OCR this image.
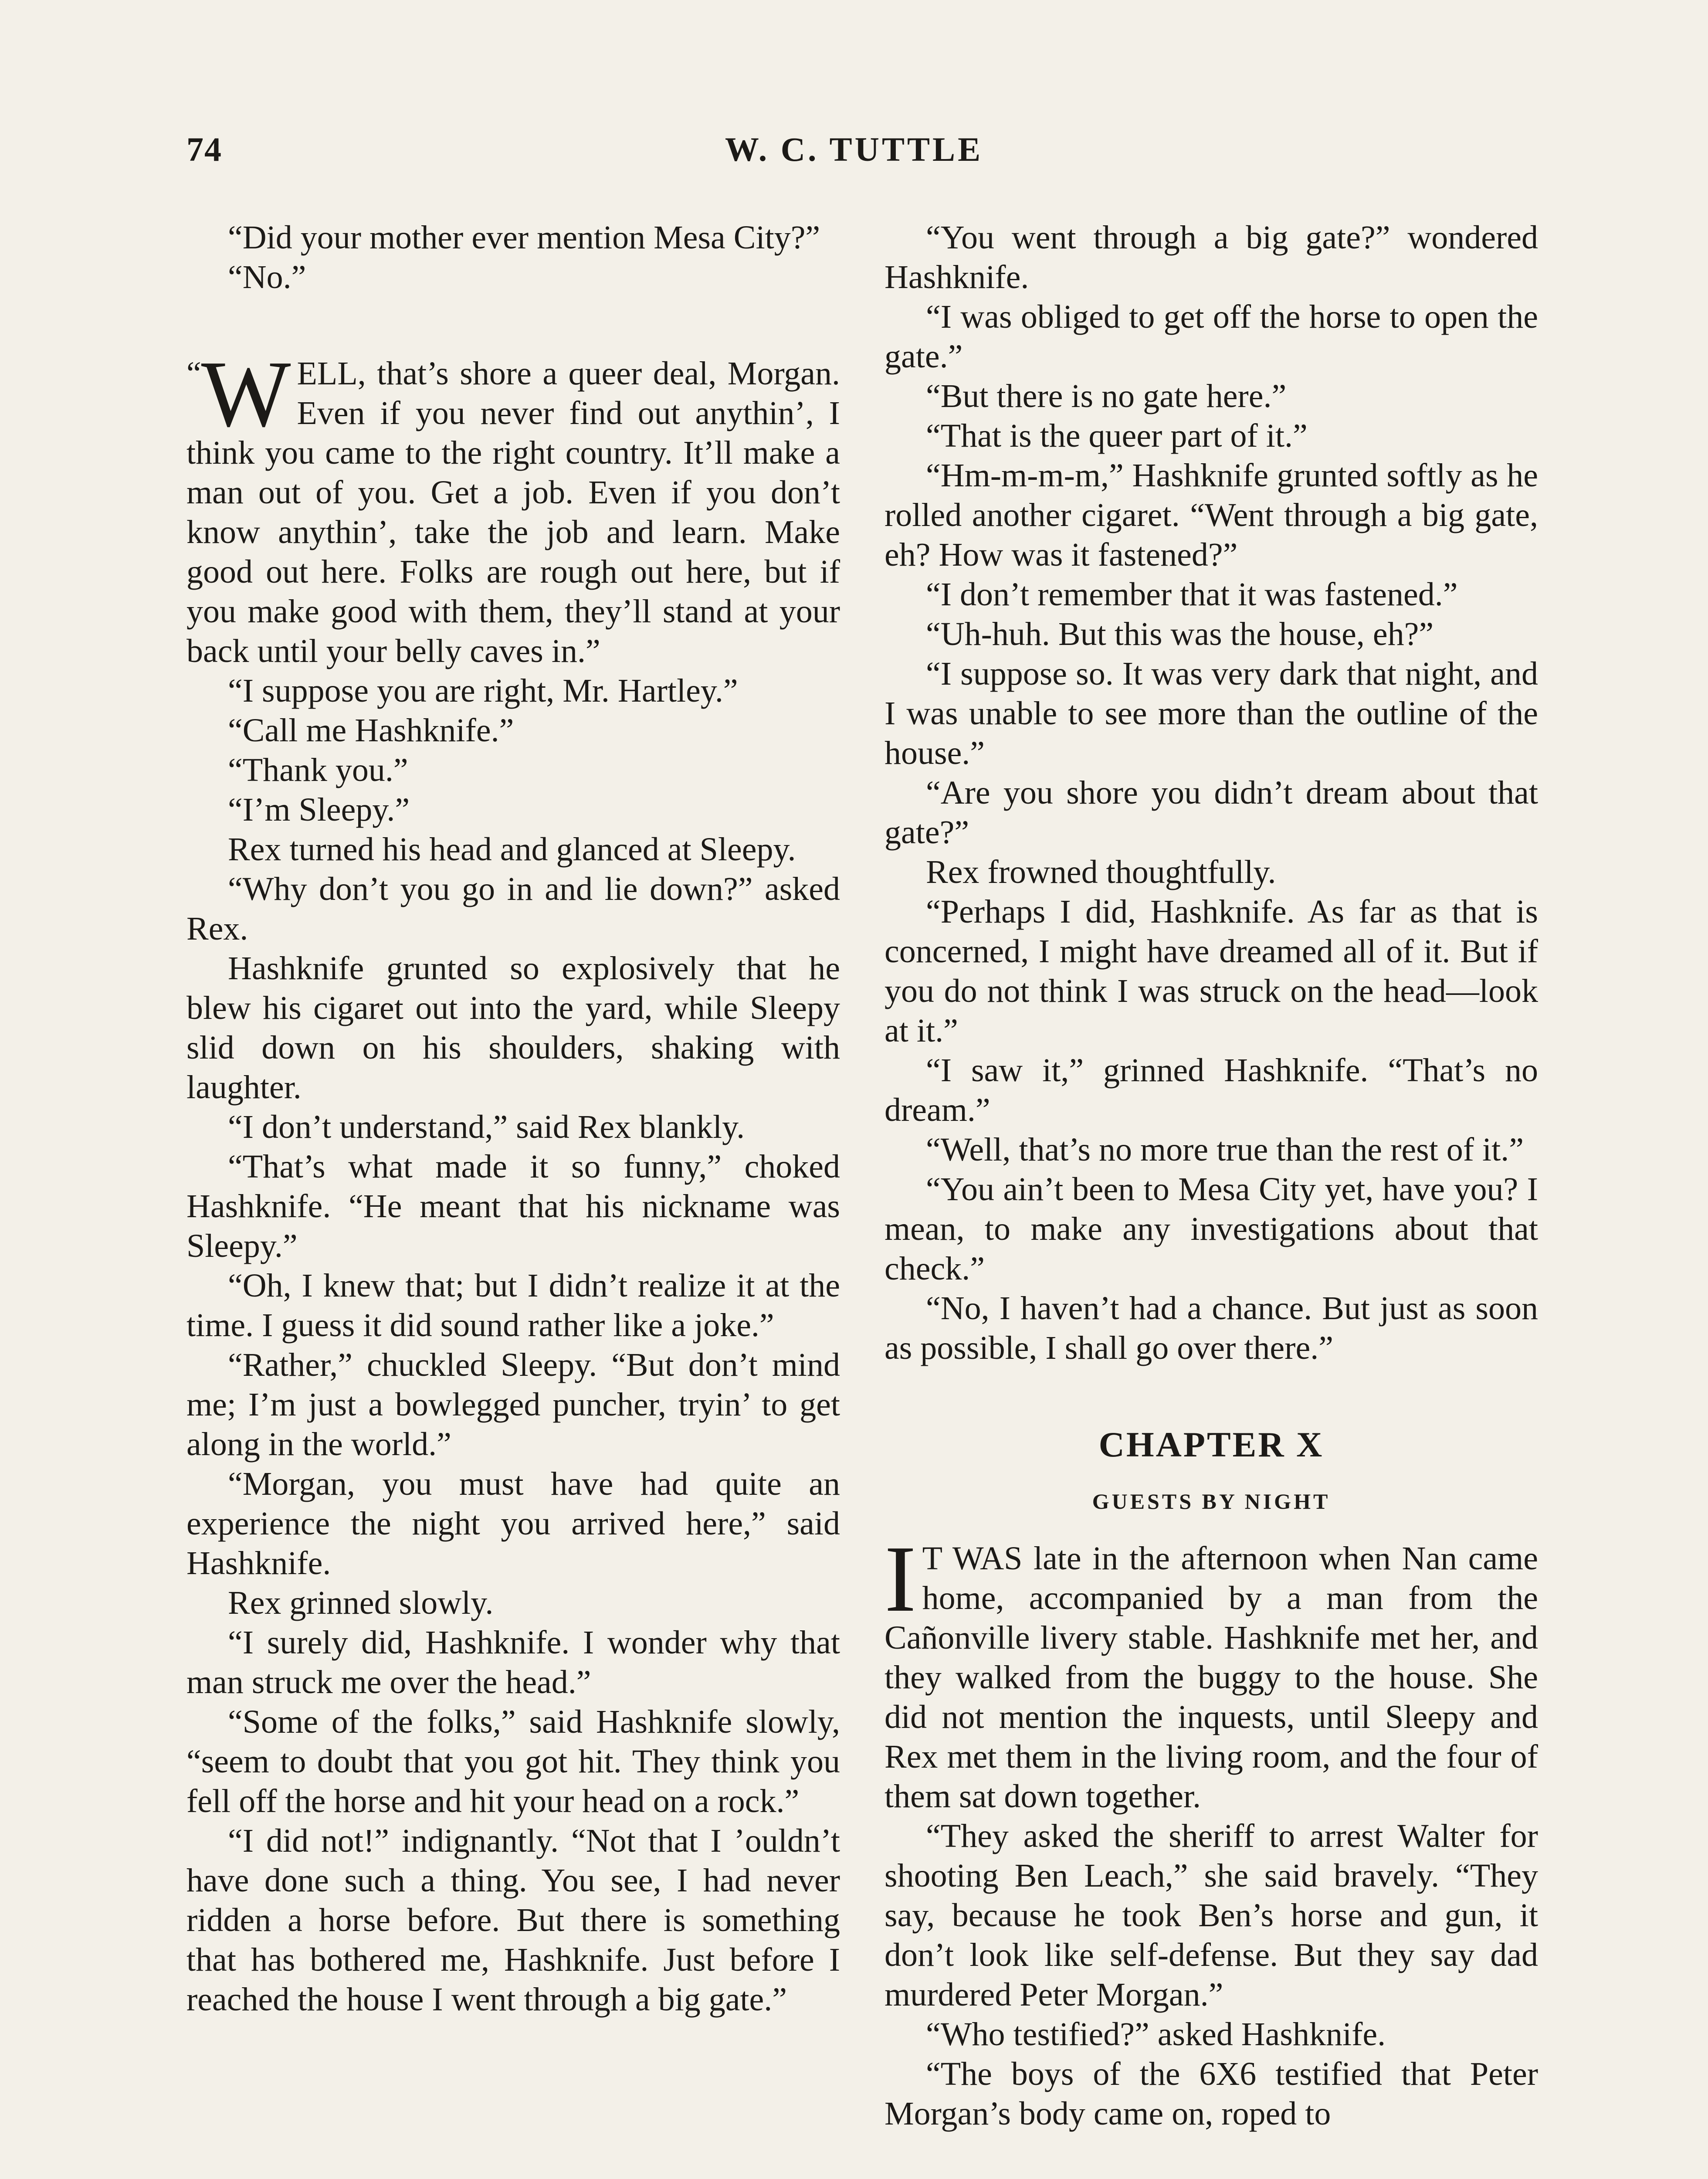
74	W. C. TUTTLE

“Did your mother ever mention Mesa City?”

“No.”

“ W ELL, that’s shore a queer deal, Morgan. Even if you never find out anythin’, I think you came to the right country. It’ll make a man out of you. Get a job. Even if you don’t know anythin’, take the job and learn. Make good out here. Folks are rough out here, but if you make good with them, they’ll stand at your back until your belly caves in.”

“I suppose you are right, Mr. Hartley.”

“Call me Hashknife.”

“Thank you.”

“I’m Sleepy.”

Rex turned his head and glanced at Sleepy.

“Why don’t you go in and lie down?” asked Rex.

Hashknife grunted so explosively that he blew his cigaret out into the yard, while Sleepy slid down on his shoulders, shaking with laughter.

“I don’t understand,” said Rex blankly.

“That’s what made it so funny,” choked Hashknife. “He meant that his nickname was Sleepy.”

“Oh, I knew that; but I didn’t realize it at the time. I guess it did sound rather like a joke.”

“Rather,” chuckled Sleepy. “But don’t mind me; I’m just a bowlegged puncher, tryin’ to get along in the world.”

“Morgan, you must have had quite an experience the night you arrived here,” said Hashknife.

Rex grinned slowly.

“I surely did, Hashknife. I wonder why that man struck me over the head.”

“Some of the folks,” said Hashknife slowly, “seem to doubt that you got hit. They think you fell off the horse and hit your head on a rock.”

“I did not!” indignantly. “Not that I ’ouldn’t have done such a thing. You see, I had never ridden a horse before. But there is something that has bothered me, Hashknife. Just before I reached the house I went through a big gate.”

“You went through a big gate?” wondered Hashknife.

“I was obliged to get off the horse to open the gate.”

“But there is no gate here.”

“That is the queer part of it.”

“Hm-m-m-m,” Hashknife grunted softly as he rolled another cigaret. “Went through a big gate, eh? How was it fastened?”

“I don’t remember that it was fastened.”

“Uh-huh. But this was the house, eh?”

“I suppose so. It was very dark that night, and I was unable to see more than the outline of the house.”

“Are you shore you didn’t dream about that gate?”

Rex frowned thoughtfully.

“Perhaps I did, Hashknife. As far as that is concerned, I might have dreamed all of it. But if you do not think I was struck on the head—look at it.”

“I saw it,” grinned Hashknife. “That’s no dream.”

“Well, that’s no more true than the rest of it.”

“You ain’t been to Mesa City yet, have you? I mean, to make any investigations about that check.”

“No, I haven’t had a chance. But just as soon as possible, I shall go over there.”

CHAPTER X
GUESTS BY NIGHT

I T WAS late in the afternoon when Nan came home, accompanied by a man from the Cañonville livery stable. Hashknife met her, and they walked from the buggy to the house. She did not mention the inquests, until Sleepy and Rex met them in the living room, and the four of them sat down together.

“They asked the sheriff to arrest Walter for shooting Ben Leach,” she said bravely. “They say, because he took Ben’s horse and gun, it don’t look like self-defense. But they say dad murdered Peter Morgan.”

“Who testified?” asked Hashknife.

“The boys of the 6X6 testified that Peter Morgan’s body came on, roped to
